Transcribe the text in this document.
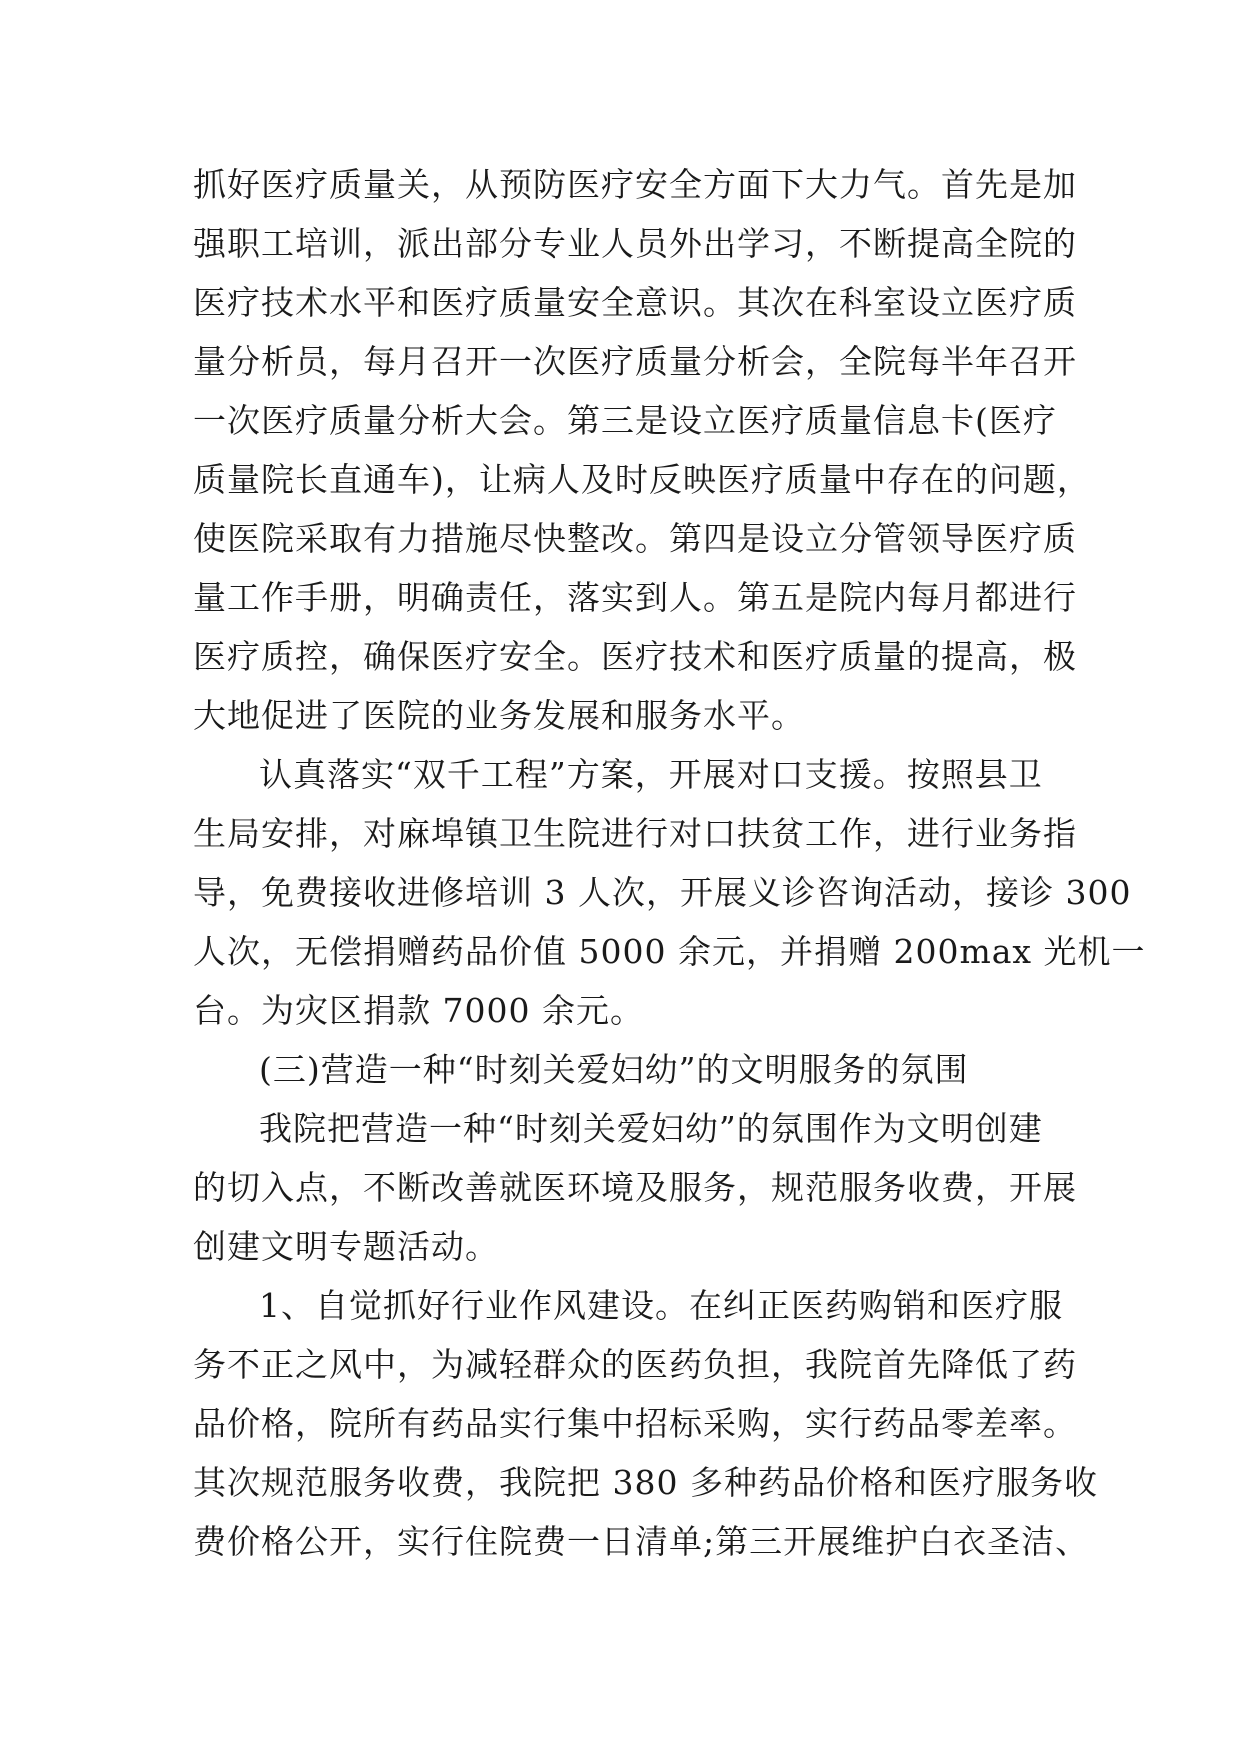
抓好医疗质量关，从预防医疗安全方面下大力气。首先是加
强职工培训，派出部分专业人员外出学习，不断提高全院的
医疗技术水平和医疗质量安全意识。其次在科室设立医疗质
量分析员，每月召开一次医疗质量分析会，全院每半年召开
一次医疗质量分析大会。第三是设立医疗质量信息卡(医疗
质量院长直通车)，让病人及时反映医疗质量中存在的问题，
使医院采取有力措施尽快整改。第四是设立分管领导医疗质
量工作手册，明确责任，落实到人。第五是院内每月都进行
医疗质控，确保医疗安全。医疗技术和医疗质量的提高，极
大地促进了医院的业务发展和服务水平。
认真落实“双千工程”方案，开展对口支援。按照县卫
生局安排，对麻埠镇卫生院进行对口扶贫工作，进行业务指
导，免费接收进修培训 3 人次，开展义诊咨询活动，接诊 300
人次，无偿捐赠药品价值 5000 余元，并捐赠 200max 光机一
台。为灾区捐款 7000 余元。
(三)营造一种“时刻关爱妇幼”的文明服务的氛围
我院把营造一种“时刻关爱妇幼”的氛围作为文明创建
的切入点，不断改善就医环境及服务，规范服务收费，开展
创建文明专题活动。
1、自觉抓好行业作风建设。在纠正医药购销和医疗服
务不正之风中，为减轻群众的医药负担，我院首先降低了药
品价格，院所有药品实行集中招标采购，实行药品零差率。
其次规范服务收费，我院把 380 多种药品价格和医疗服务收
费价格公开，实行住院费一日清单;第三开展维护白衣圣洁、
